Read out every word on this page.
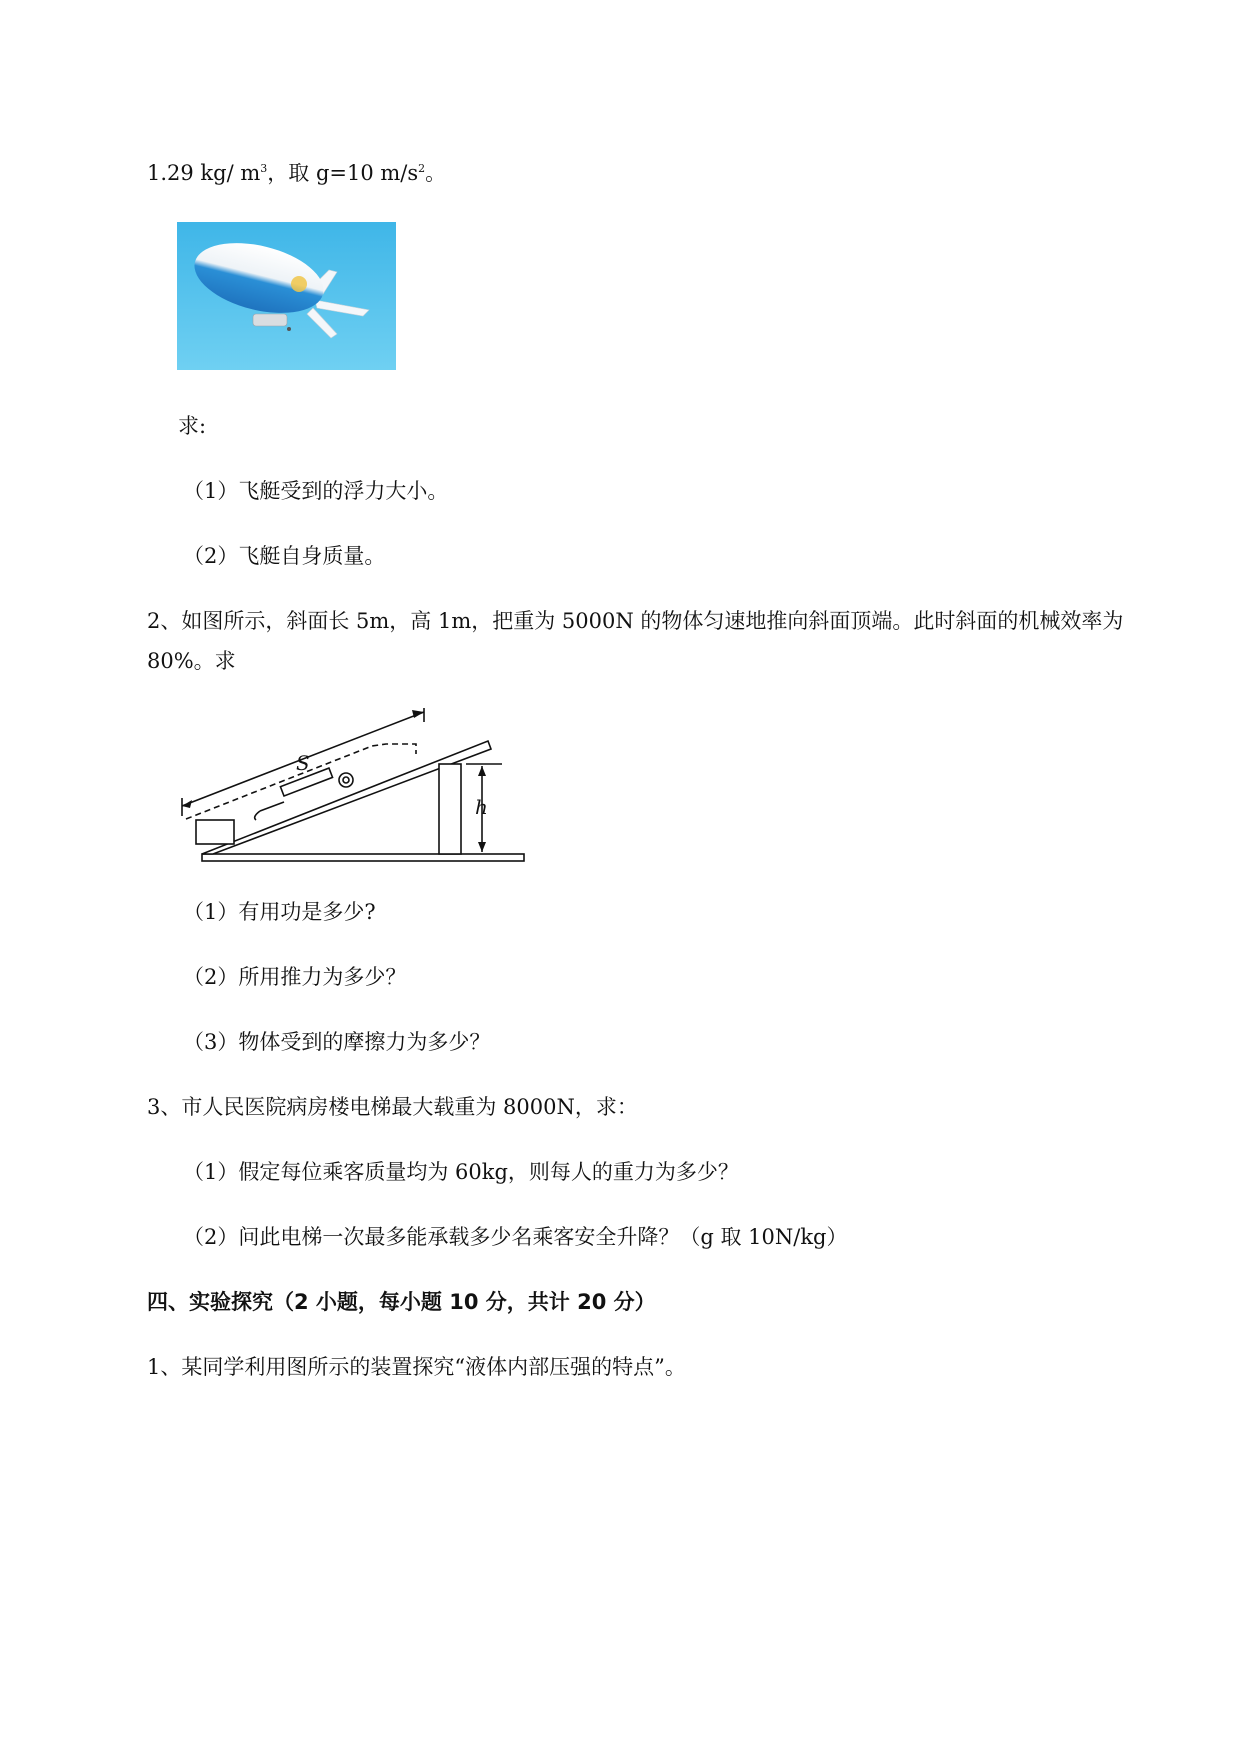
1.29 kg/ $m^3$，取 g=10 $m/s^2$。
求:
（1）飞艇受到的浮力大小。
（2）飞艇自身质量。
2、如图所示，斜面长 5m，高 1m，把重为 5000N 的物体匀速地推向斜面顶端。此时斜面的机械效率为
80%。求
S
h
（1）有用功是多少?
（2）所用推力为多少？
（3）物体受到的摩擦力为多少？
3、市人民医院病房楼电梯最大载重为 8000N，求：
（1）假定每位乘客质量均为 60kg，则每人的重力为多少？
（2）问此电梯一次最多能承载多少名乘客安全升降？（g 取 10N/kg）
四、实验探究（2 小题，每小题 10 分，共计 20 分）
1、某同学利用图所示的装置探究“液体内部压强的特点”。
